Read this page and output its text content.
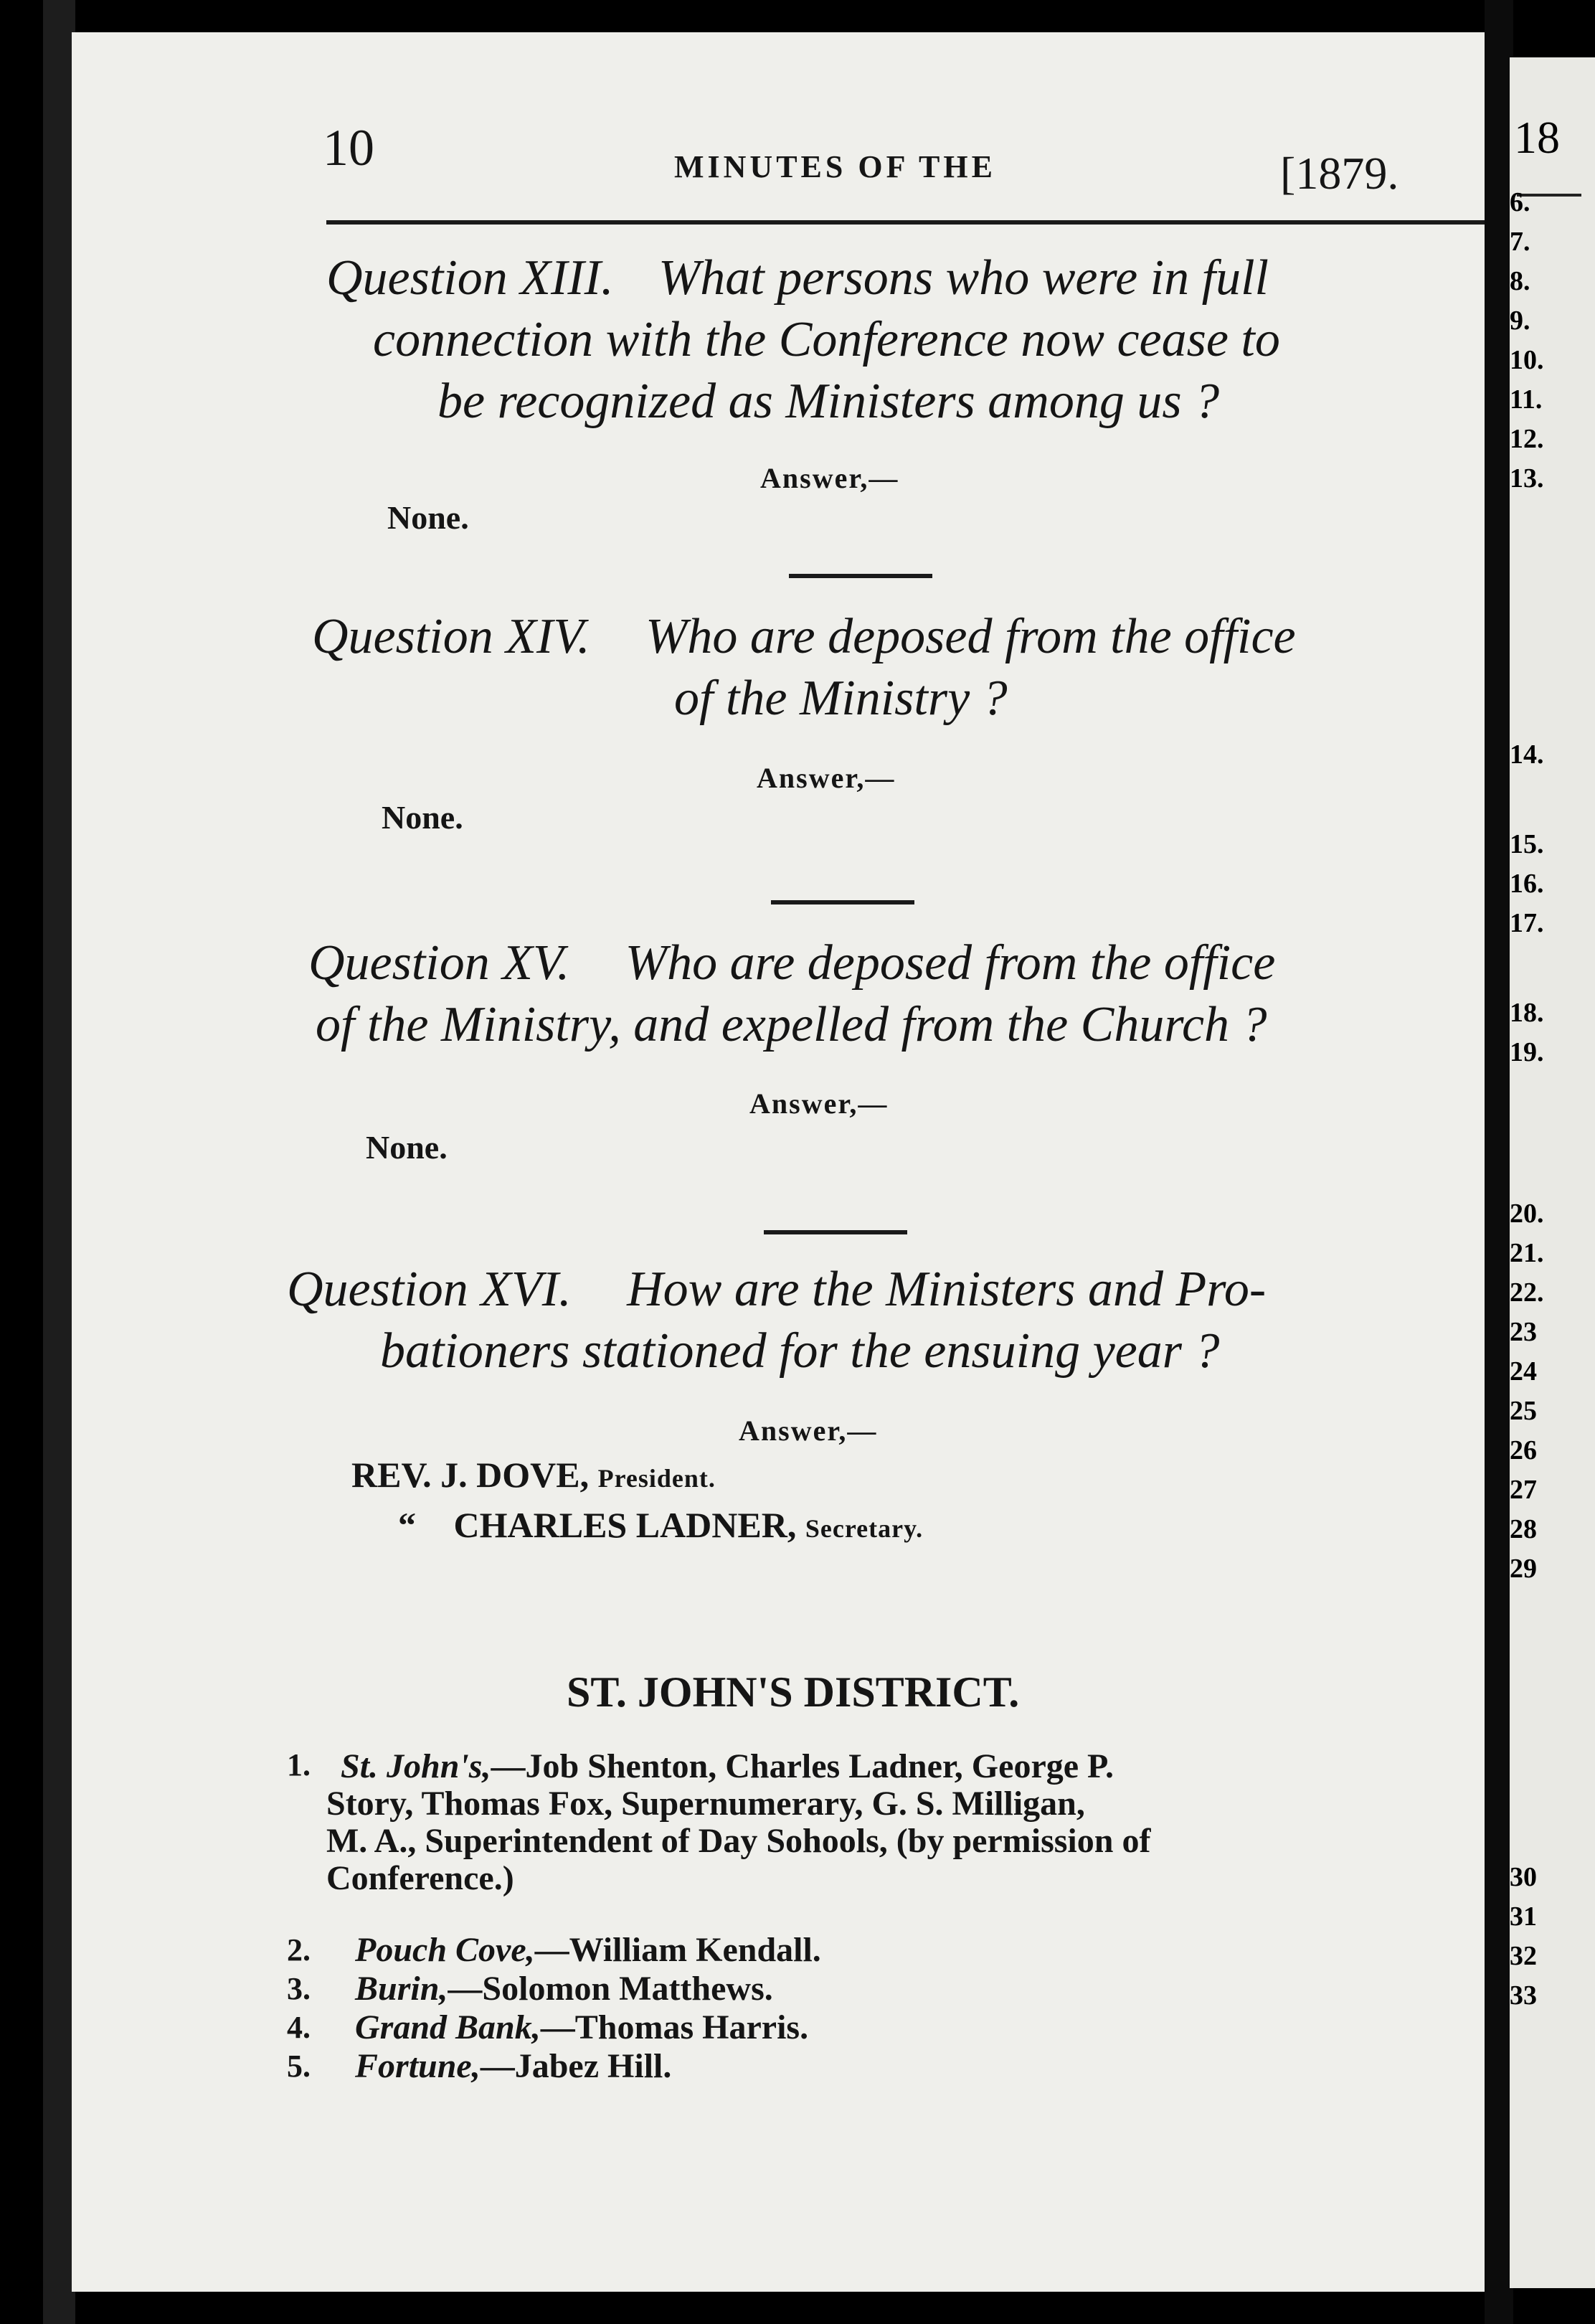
10	MINUTES OF THE	[1879.
Question XIII. What persons who were in full
connection with the Conference now cease to
be recognized as Ministers among us ?
Answer,—
None.
Question XIV. Who are deposed from the office
of the Ministry ?
Answer,—
None.
Question XV. Who are deposed from the office
of the Ministry, and expelled from the Church ?
Answer,—
None.
Question XVI. How are the Ministers and Pro-
bationers stationed for the ensuing year ?
Answer,—
REV. J. DOVE, President.
“ CHARLES LADNER, Secretary.
ST. JOHN'S DISTRICT.
1. St. John's,—Job Shenton, Charles Ladner, George P.
Story, Thomas Fox, Supernumerary, G. S. Milligan,
M. A., Superintendent of Day Sohools, (by permission of
Conference.)
2. Pouch Cove,—William Kendall.
3. Burin,—Solomon Matthews.
4. Grand Bank,—Thomas Harris.
5. Fortune,—Jabez Hill.
18
6.
7.
8.
9.
10.
11.
12.
13.
14.
15.
16.
17.
18.
19.
20.
21.
22.
23
24
25
26
27
28
29
30
31
32
33
